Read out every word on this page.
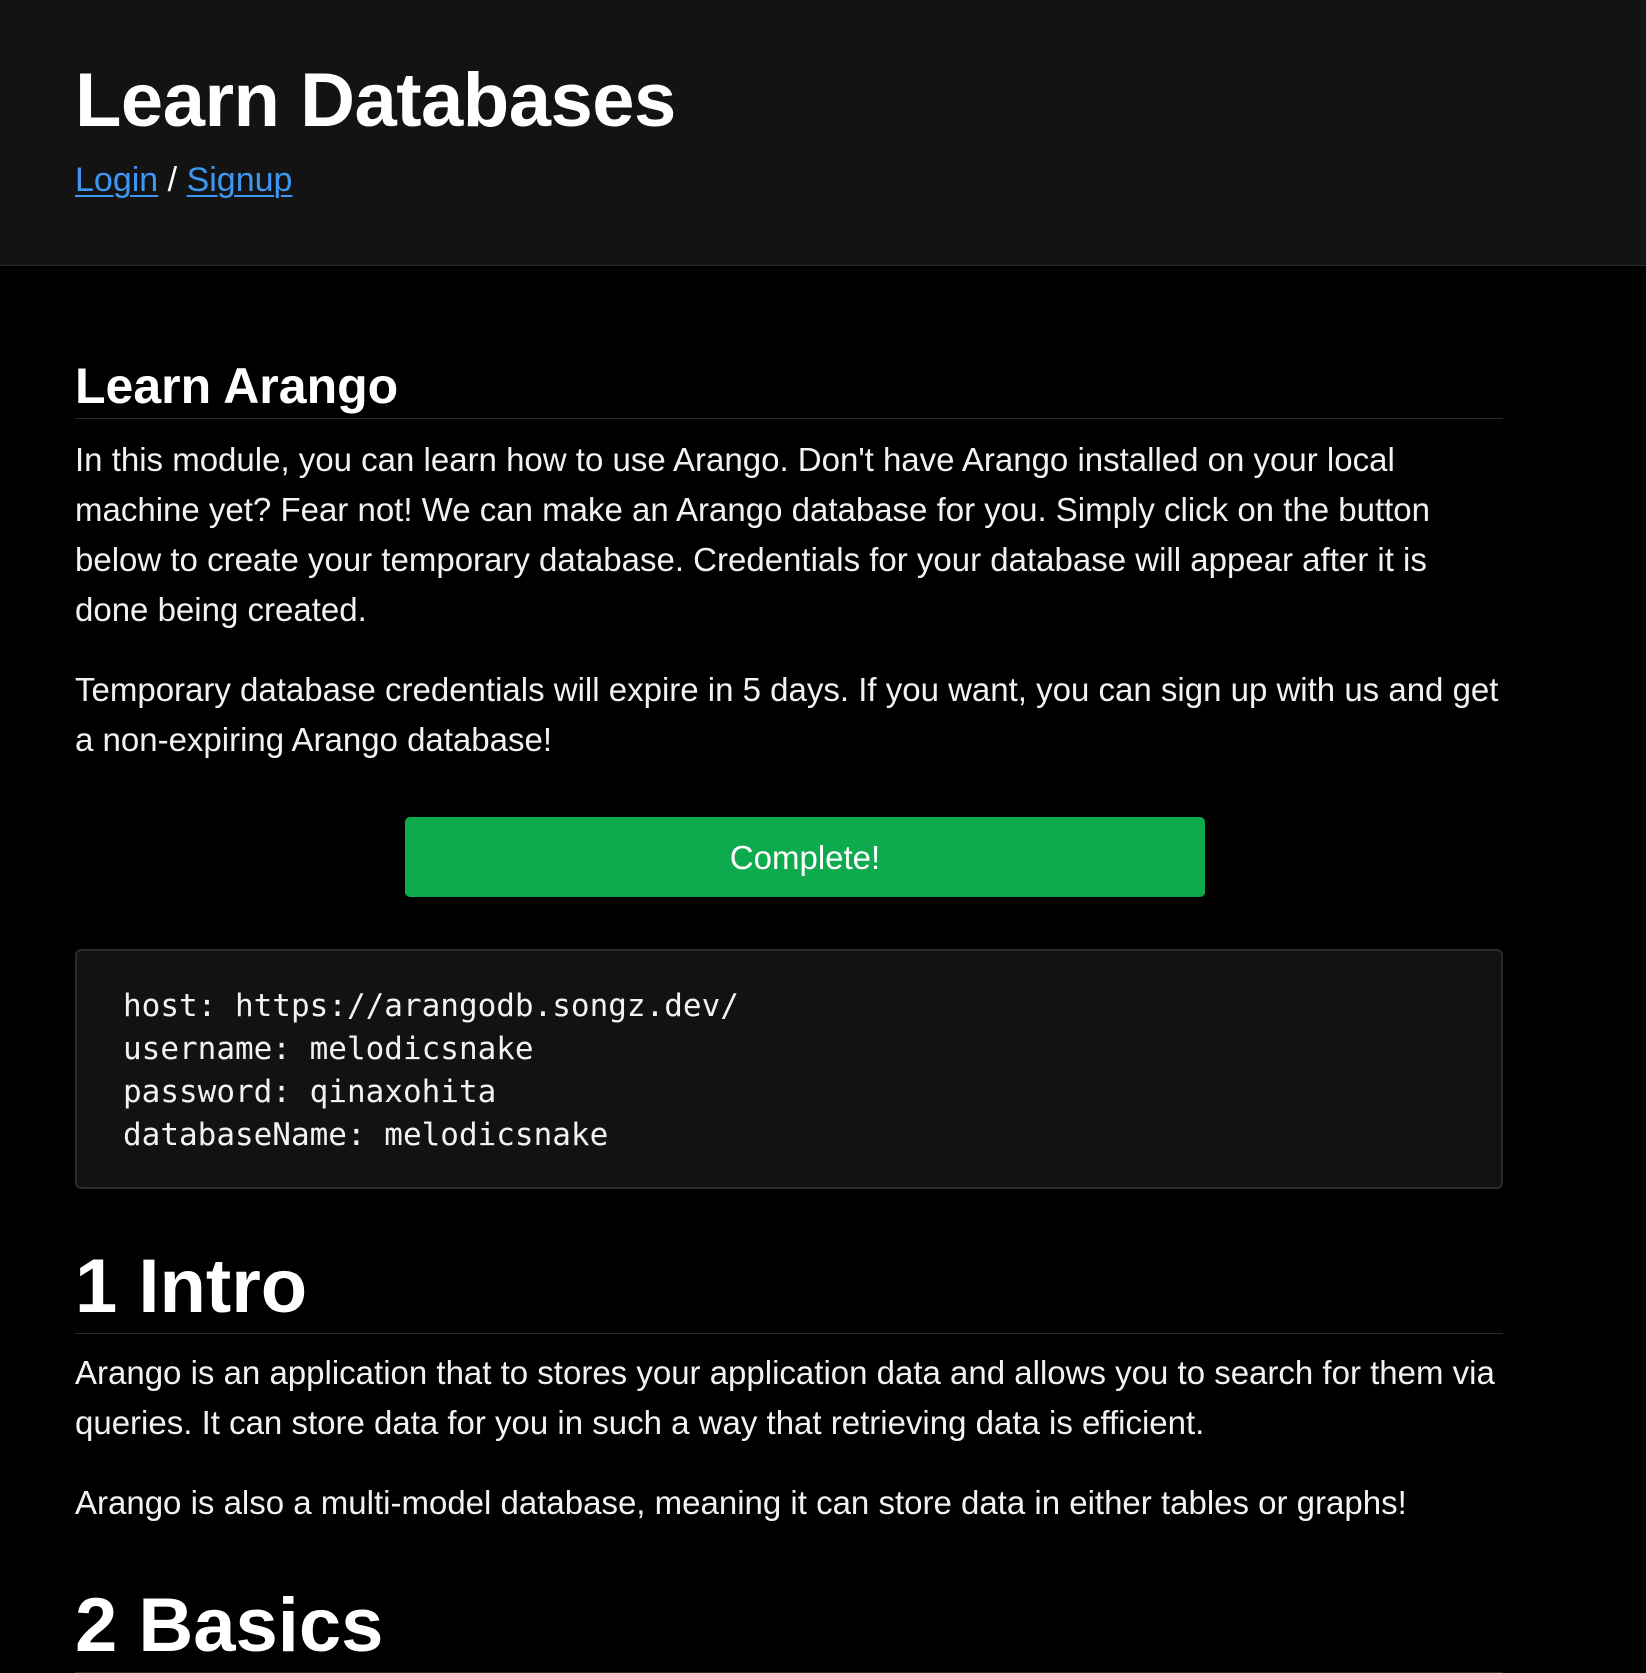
Learn Databases
Login / Signup
Learn Arango

In this module, you can learn how to use Arango. Don't have Arango installed on your local machine yet? Fear not! We can make an Arango database for you. Simply click on the button below to create your temporary database. Credentials for your database will appear after it is done being created.

Temporary database credentials will expire in 5 days. If you want, you can sign up with us and get a non-expiring Arango database!

Complete!
host: https://arangodb.songz.dev/
username: melodicsnake
password: qinaxohita
databaseName: melodicsnake
1 Intro

Arango is an application that to stores your application data and allows you to search for them via queries. It can store data for you in such a way that retrieving data is efficient.

Arango is also a multi-model database, meaning it can store data in either tables or graphs!

2 Basics
